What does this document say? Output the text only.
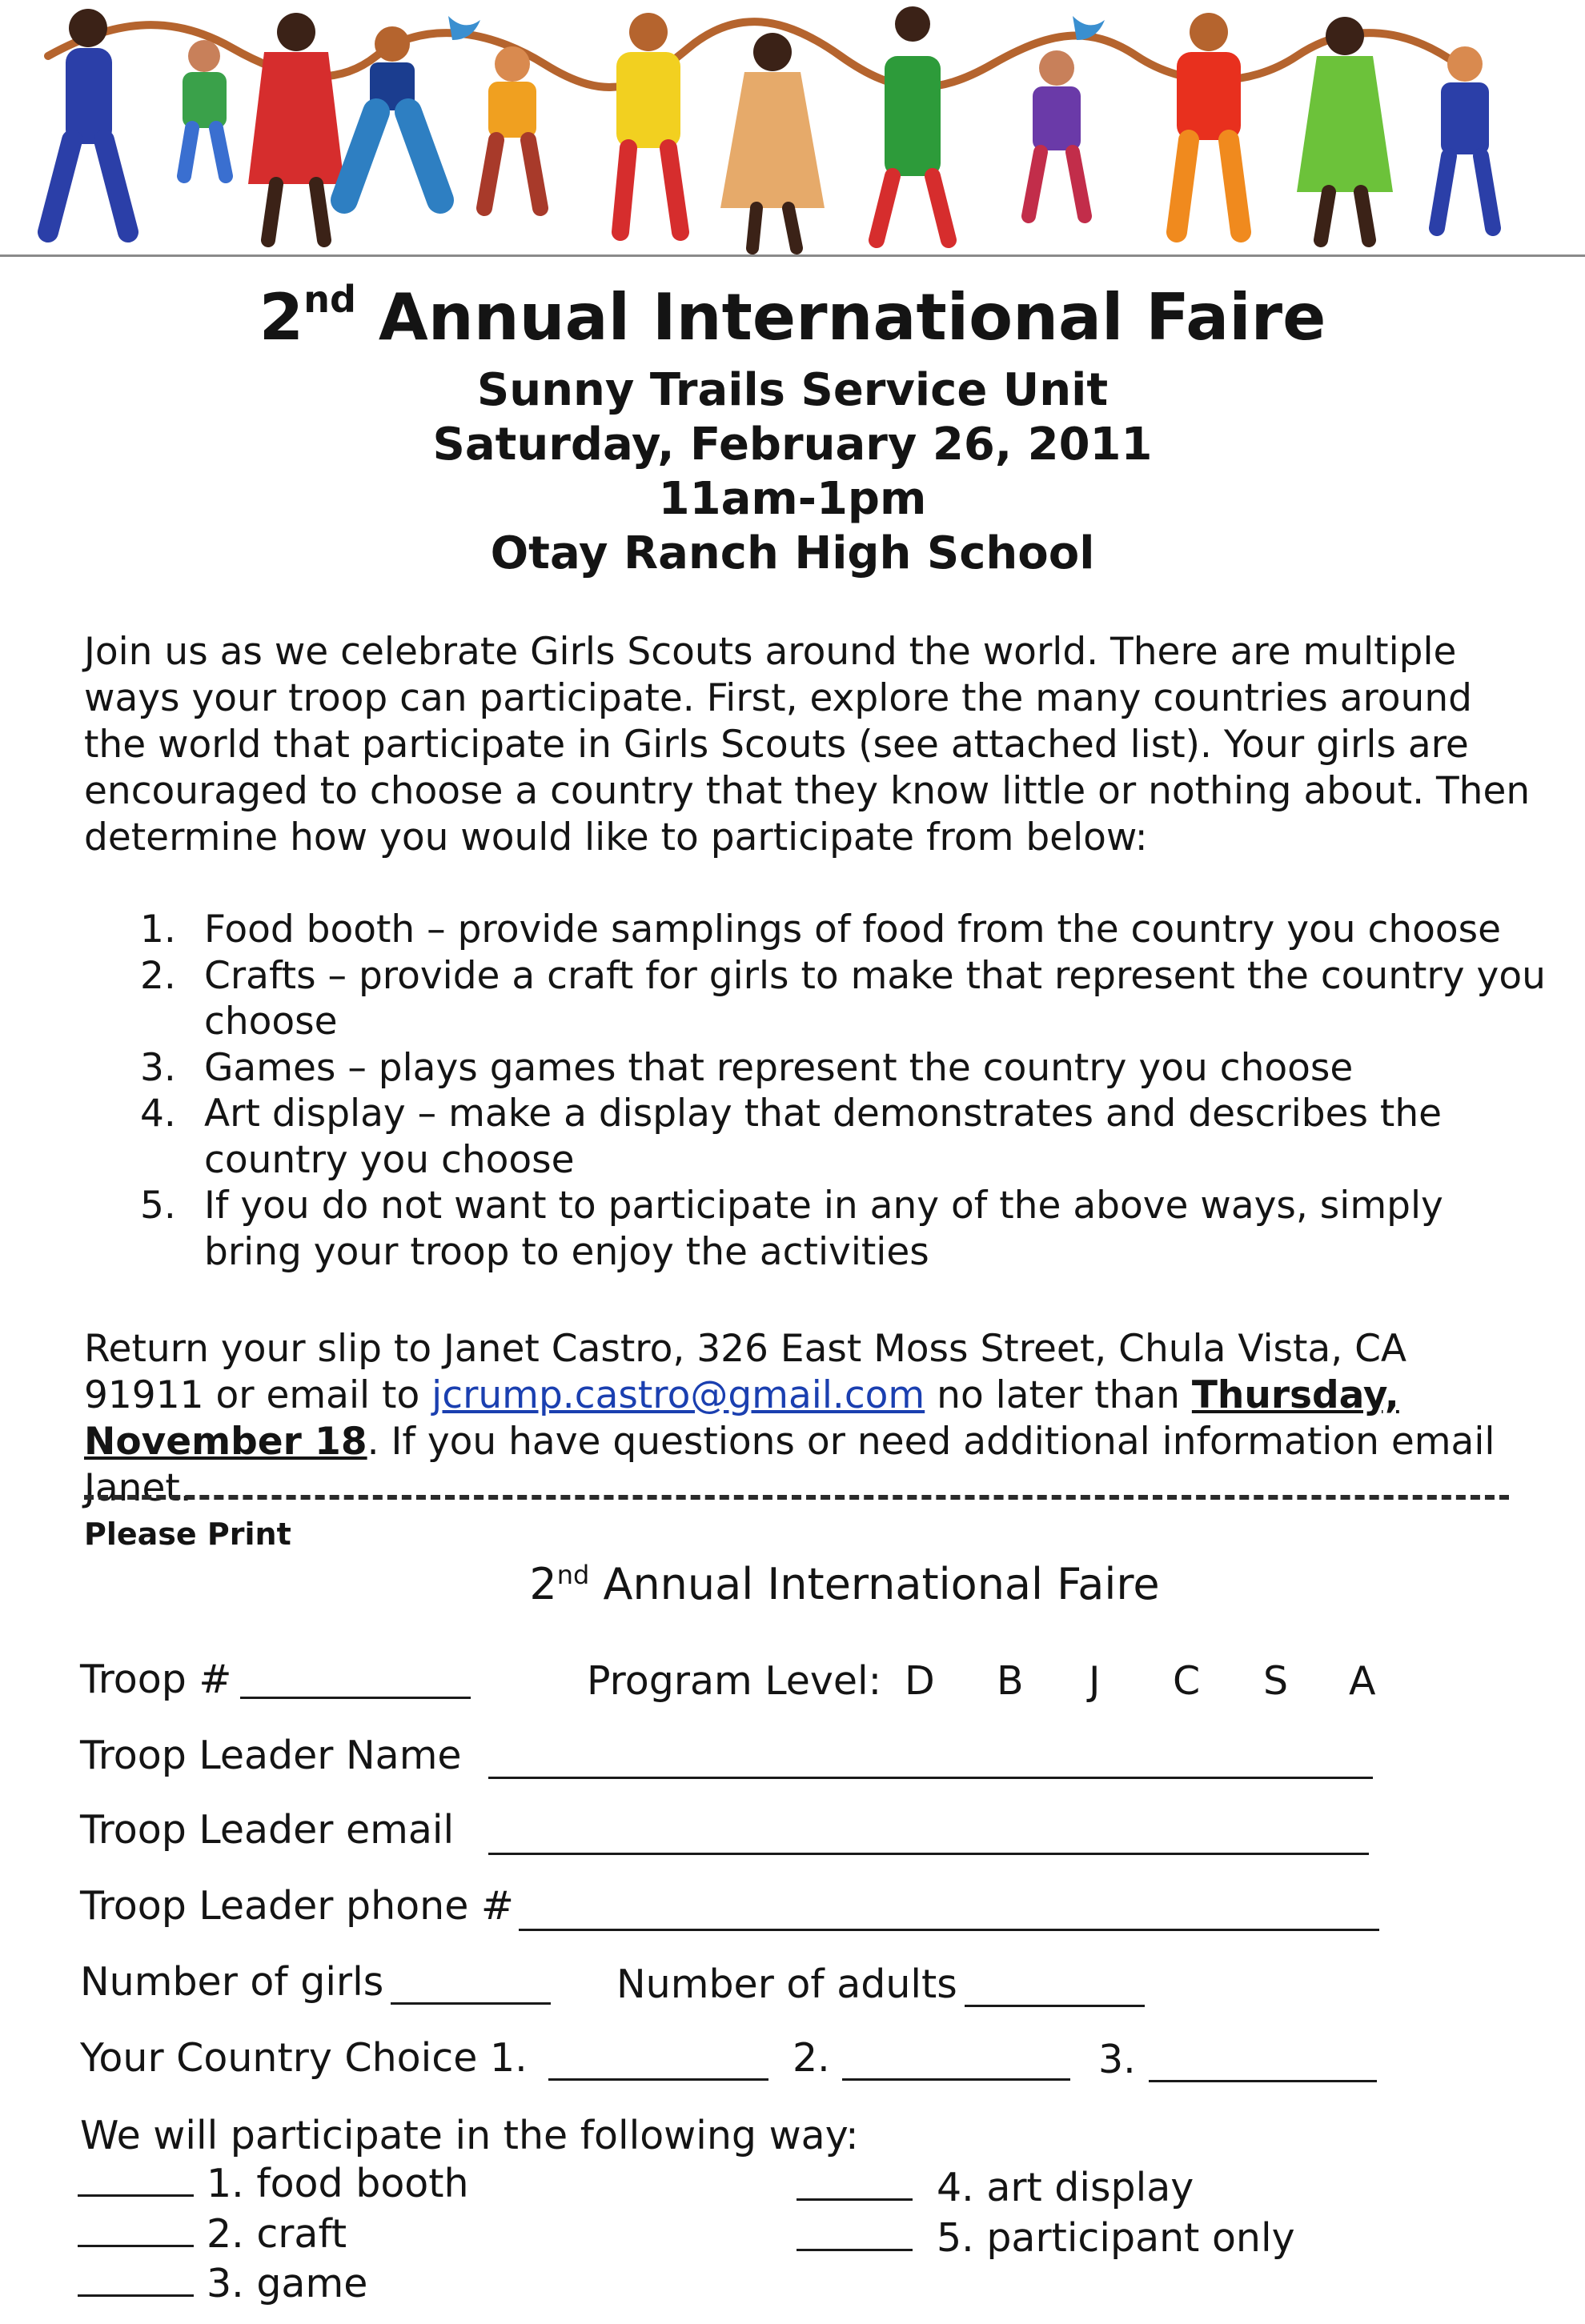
2nd Annual International Faire
Sunny Trails Service Unit
Saturday, February 26, 2011
11am-1pm
Otay Ranch High School
Join us as we celebrate Girls Scouts around the world. There are multiple ways your troop can participate. First, explore the many countries around the world that participate in Girls Scouts (see attached list). Your girls are encouraged to choose a country that they know little or nothing about. Then determine how you would like to participate from below:
1. Food booth – provide samplings of food from the country you choose
2. Crafts – provide a craft for girls to make that represent the country you choose
3. Games – plays games that represent the country you choose
4. Art display – make a display that demonstrates and describes the country you choose
5. If you do not want to participate in any of the above ways, simply bring your troop to enjoy the activities
Return your slip to Janet Castro, 326 East Moss Street, Chula Vista, CA 91911 or email to jcrump.castro@gmail.com no later than Thursday, November 18. If you have questions or need additional information email Janet.
Please Print
2nd Annual International Faire
Troop #	Program Level: D B J C S A
Troop Leader Name
Troop Leader email
Troop Leader phone #
Number of girls	Number of adults
Your Country Choice 1.	2.	3.
We will participate in the following way:
1. food booth
2. craft
3. game
4. art display
5. participant only
